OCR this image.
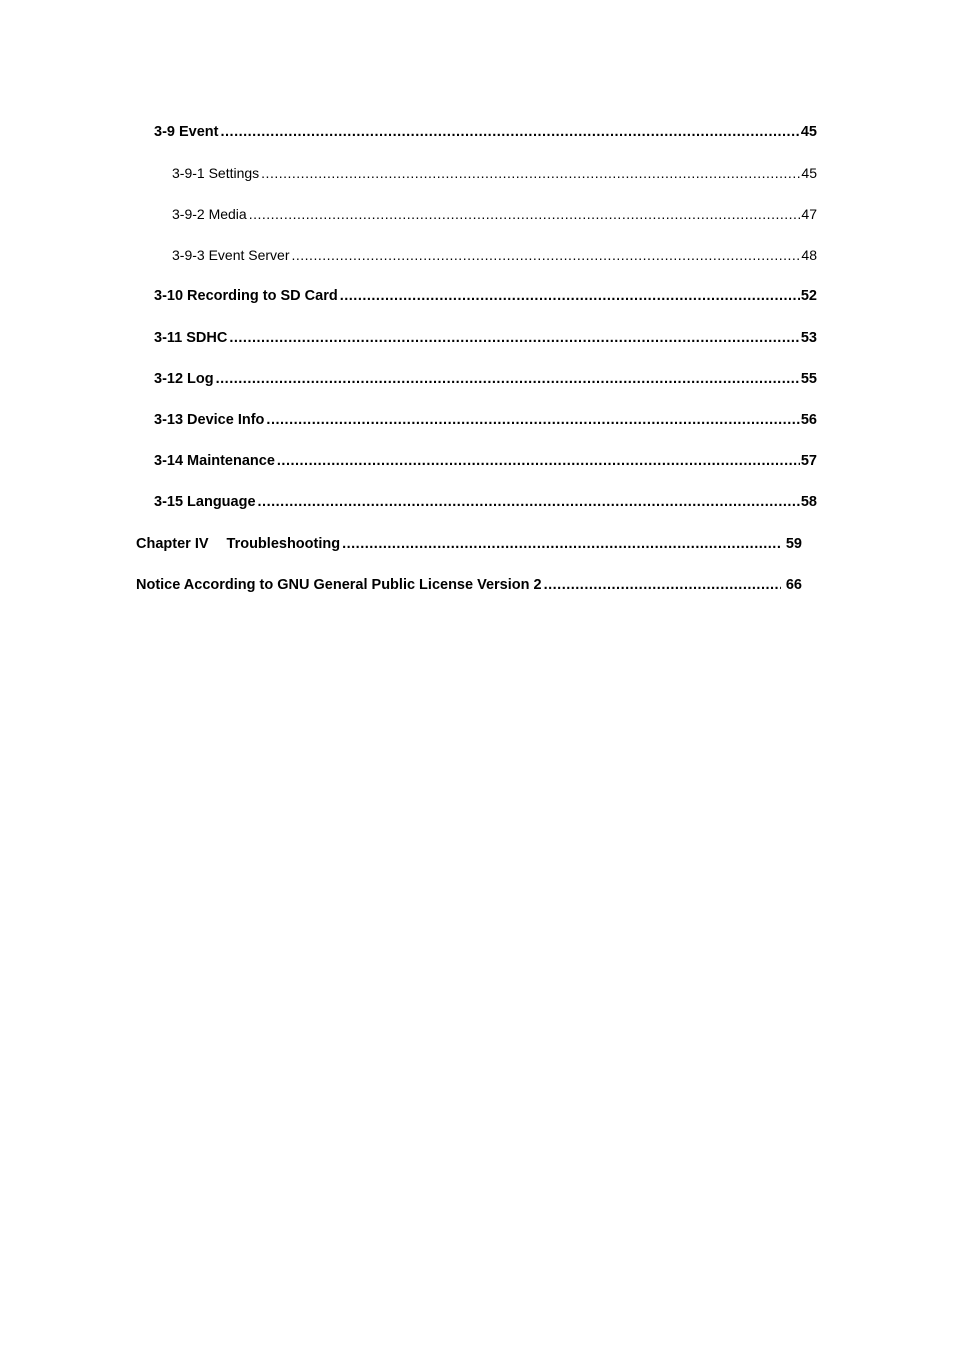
3-9 Event .....	45
3-9-1 Settings .....	45
3-9-2 Media .....	47
3-9-3 Event Server .....	48
3-10 Recording to SD Card .....	52
3-11 SDHC .....	53
3-12 Log .....	55
3-13 Device Info .....	56
3-14 Maintenance .....	57
3-15 Language .....	58
Chapter IV Troubleshooting .....	59
Notice According to GNU General Public License Version 2 .....	66
